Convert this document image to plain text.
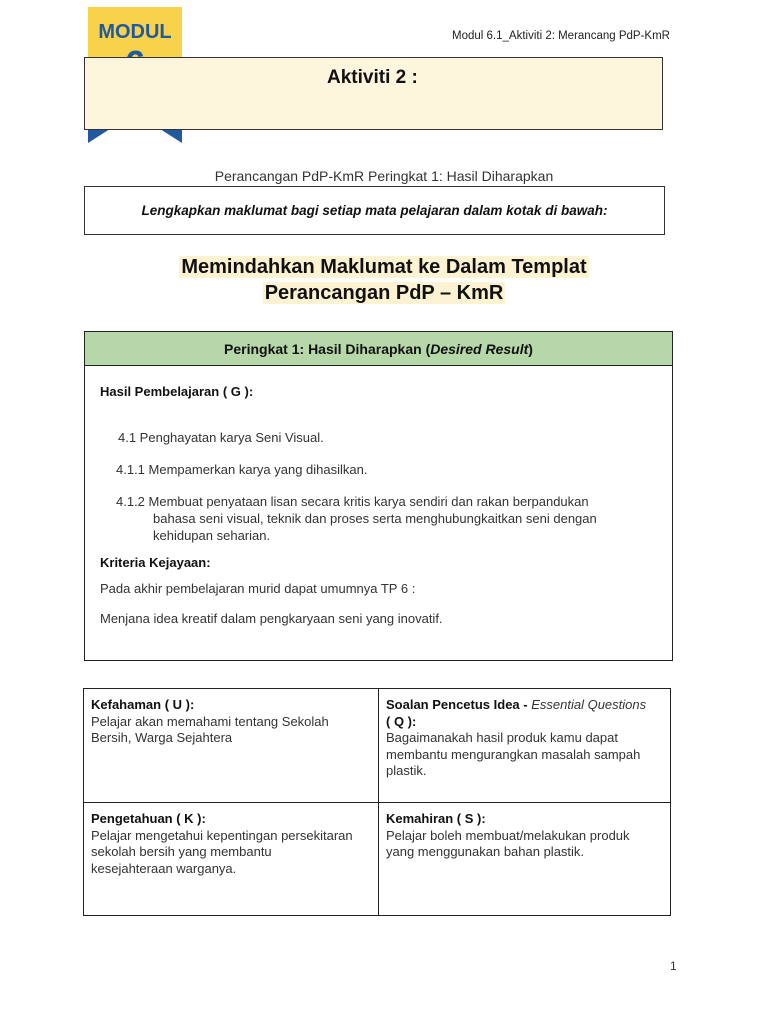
MODUL	Modul 6.1_Aktiviti 2: Merancang PdP-KmR
Aktiviti 2 :
Perancangan PdP-KmR Peringkat 1: Hasil Diharapkan
Lengkapkan maklumat bagi setiap mata pelajaran dalam kotak di bawah:
Memindahkan Maklumat ke Dalam Templat
Perancangan PdP – KmR
Peringkat 1: Hasil Diharapkan ( Desired Result )
Hasil Pembelajaran ( G ):
4.1 Penghayatan karya Seni Visual.
4.1.1 Mempamerkan karya yang dihasilkan.
4.1.2 Membuat penyataan lisan secara kritis karya sendiri dan rakan berpandukan
bahasa seni visual, teknik dan proses serta menghubungkaitkan seni dengan
kehidupan seharian.
Kriteria Kejayaan:
Pada akhir pembelajaran murid dapat umumnya TP 6 :
Menjana idea kreatif dalam pengkaryaan seni yang inovatif.
Kefahaman ( U ):
Pelajar akan memahami tentang Sekolah
Bersih, Warga Sejahtera
Soalan Pencetus Idea - Essential Questions
( Q ):
Bagaimanakah hasil produk kamu dapat
membantu mengurangkan masalah sampah
plastik.
Pengetahuan ( K ):
Pelajar mengetahui kepentingan persekitaran
sekolah bersih yang membantu
kesejahteraan warganya.
Kemahiran ( S ):
Pelajar boleh membuat/melakukan produk
yang menggunakan bahan plastik.
1
